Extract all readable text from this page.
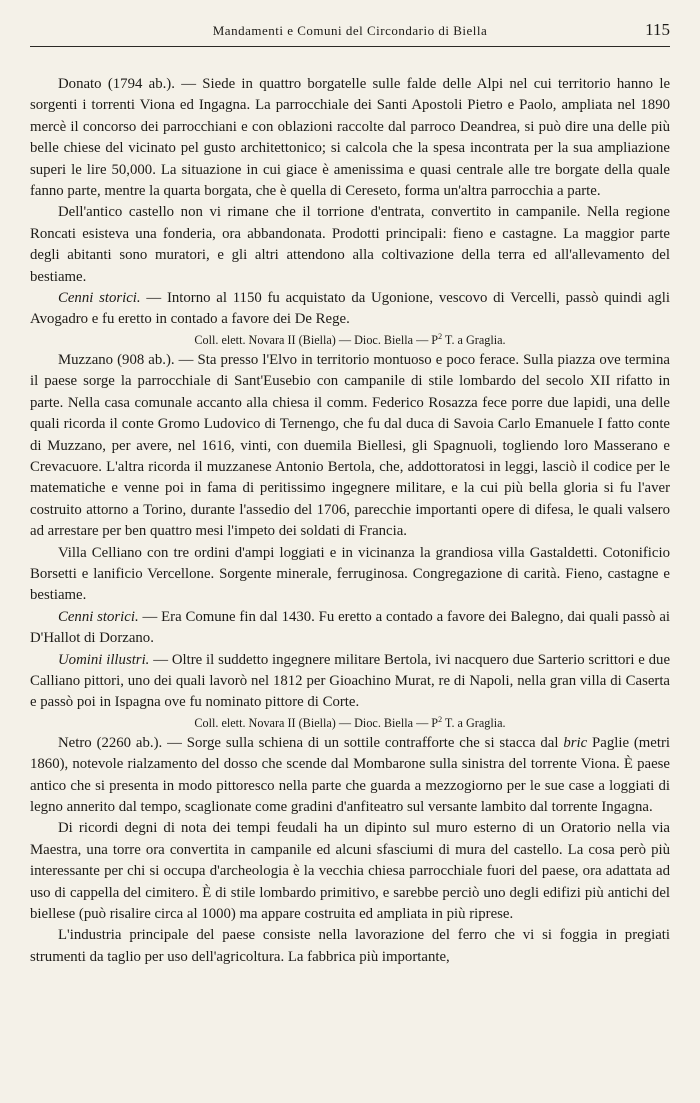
Mandamenti e Comuni del Circondario di Biella	115

Donato (1794 ab.). — Siede in quattro borgatelle sulle falde delle Alpi nel cui territorio hanno le sorgenti i torrenti Viona ed Ingagna. La parrocchiale dei Santi Apostoli Pietro e Paolo, ampliata nel 1890 mercè il concorso dei parrocchiani e con oblazioni raccolte dal parroco Deandrea, si può dire una delle più belle chiese del vicinato pel gusto architettonico; si calcola che la spesa incontrata per la sua ampliazione superi le lire 50,000. La situazione in cui giace è amenissima e quasi centrale alle tre borgate della quale fanno parte, mentre la quarta borgata, che è quella di Cereseto, forma un'altra parrocchia a parte.

Dell'antico castello non vi rimane che il torrione d'entrata, convertito in campanile. Nella regione Roncati esisteva una fonderia, ora abbandonata. Prodotti principali: fieno e castagne. La maggior parte degli abitanti sono muratori, e gli altri attendono alla coltivazione della terra ed all'allevamento del bestiame.

Cenni storici. — Intorno al 1150 fu acquistato da Ugonione, vescovo di Vercelli, passò quindi agli Avogadro e fu eretto in contado a favore dei De Rege.

Coll. elett. Novara II (Biella) — Dioc. Biella — $P^2$ T. a Graglia.

Muzzano (908 ab.). — Sta presso l'Elvo in territorio montuoso e poco ferace. Sulla piazza ove termina il paese sorge la parrocchiale di Sant'Eusebio con campanile di stile lombardo del secolo XII rifatto in parte. Nella casa comunale accanto alla chiesa il comm. Federico Rosazza fece porre due lapidi, una delle quali ricorda il conte Gromo Ludovico di Ternengo, che fu dal duca di Savoia Carlo Emanuele I fatto conte di Muzzano, per avere, nel 1616, vinti, con duemila Biellesi, gli Spagnuoli, togliendo loro Masserano e Crevacuore. L'altra ricorda il muzzanese Antonio Bertola, che, addottoratosi in leggi, lasciò il codice per le matematiche e venne poi in fama di peritissimo ingegnere militare, e la cui più bella gloria si fu l'aver costruito attorno a Torino, durante l'assedio del 1706, parecchie importanti opere di difesa, le quali valsero ad arrestare per ben quattro mesi l'impeto dei soldati di Francia.

Villa Celliano con tre ordini d'ampi loggiati e in vicinanza la grandiosa villa Gastaldetti. Cotonificio Borsetti e lanificio Vercellone. Sorgente minerale, ferruginosa. Congregazione di carità. Fieno, castagne e bestiame.

Cenni storici. — Era Comune fin dal 1430. Fu eretto a contado a favore dei Balegno, dai quali passò ai D'Hallot di Dorzano.

Uomini illustri. — Oltre il suddetto ingegnere militare Bertola, ivi nacquero due Sarterio scrittori e due Calliano pittori, uno dei quali lavorò nel 1812 per Gioachino Murat, re di Napoli, nella gran villa di Caserta e passò poi in Ispagna ove fu nominato pittore di Corte.

Coll. elett. Novara II (Biella) — Dioc. Biella — $P^2$ T. a Graglia.

Netro (2260 ab.). — Sorge sulla schiena di un sottile contrafforte che si stacca dal bric Paglie (metri 1860), notevole rialzamento del dosso che scende dal Mombarone sulla sinistra del torrente Viona. È paese antico che si presenta in modo pittoresco nella parte che guarda a mezzogiorno per le sue case a loggiati di legno annerito dal tempo, scaglionate come gradini d'anfiteatro sul versante lambito dal torrente Ingagna.

Di ricordi degni di nota dei tempi feudali ha un dipinto sul muro esterno di un Oratorio nella via Maestra, una torre ora convertita in campanile ed alcuni sfasciumi di mura del castello. La cosa però più interessante per chi si occupa d'archeologia è la vecchia chiesa parrocchiale fuori del paese, ora adattata ad uso di cappella del cimitero. È di stile lombardo primitivo, e sarebbe perciò uno degli edifizi più antichi del biellese (può risalire circa al 1000) ma appare costruita ed ampliata in più riprese.

L'industria principale del paese consiste nella lavorazione del ferro che vi si foggia in pregiati strumenti da taglio per uso dell'agricoltura. La fabbrica più importante,
